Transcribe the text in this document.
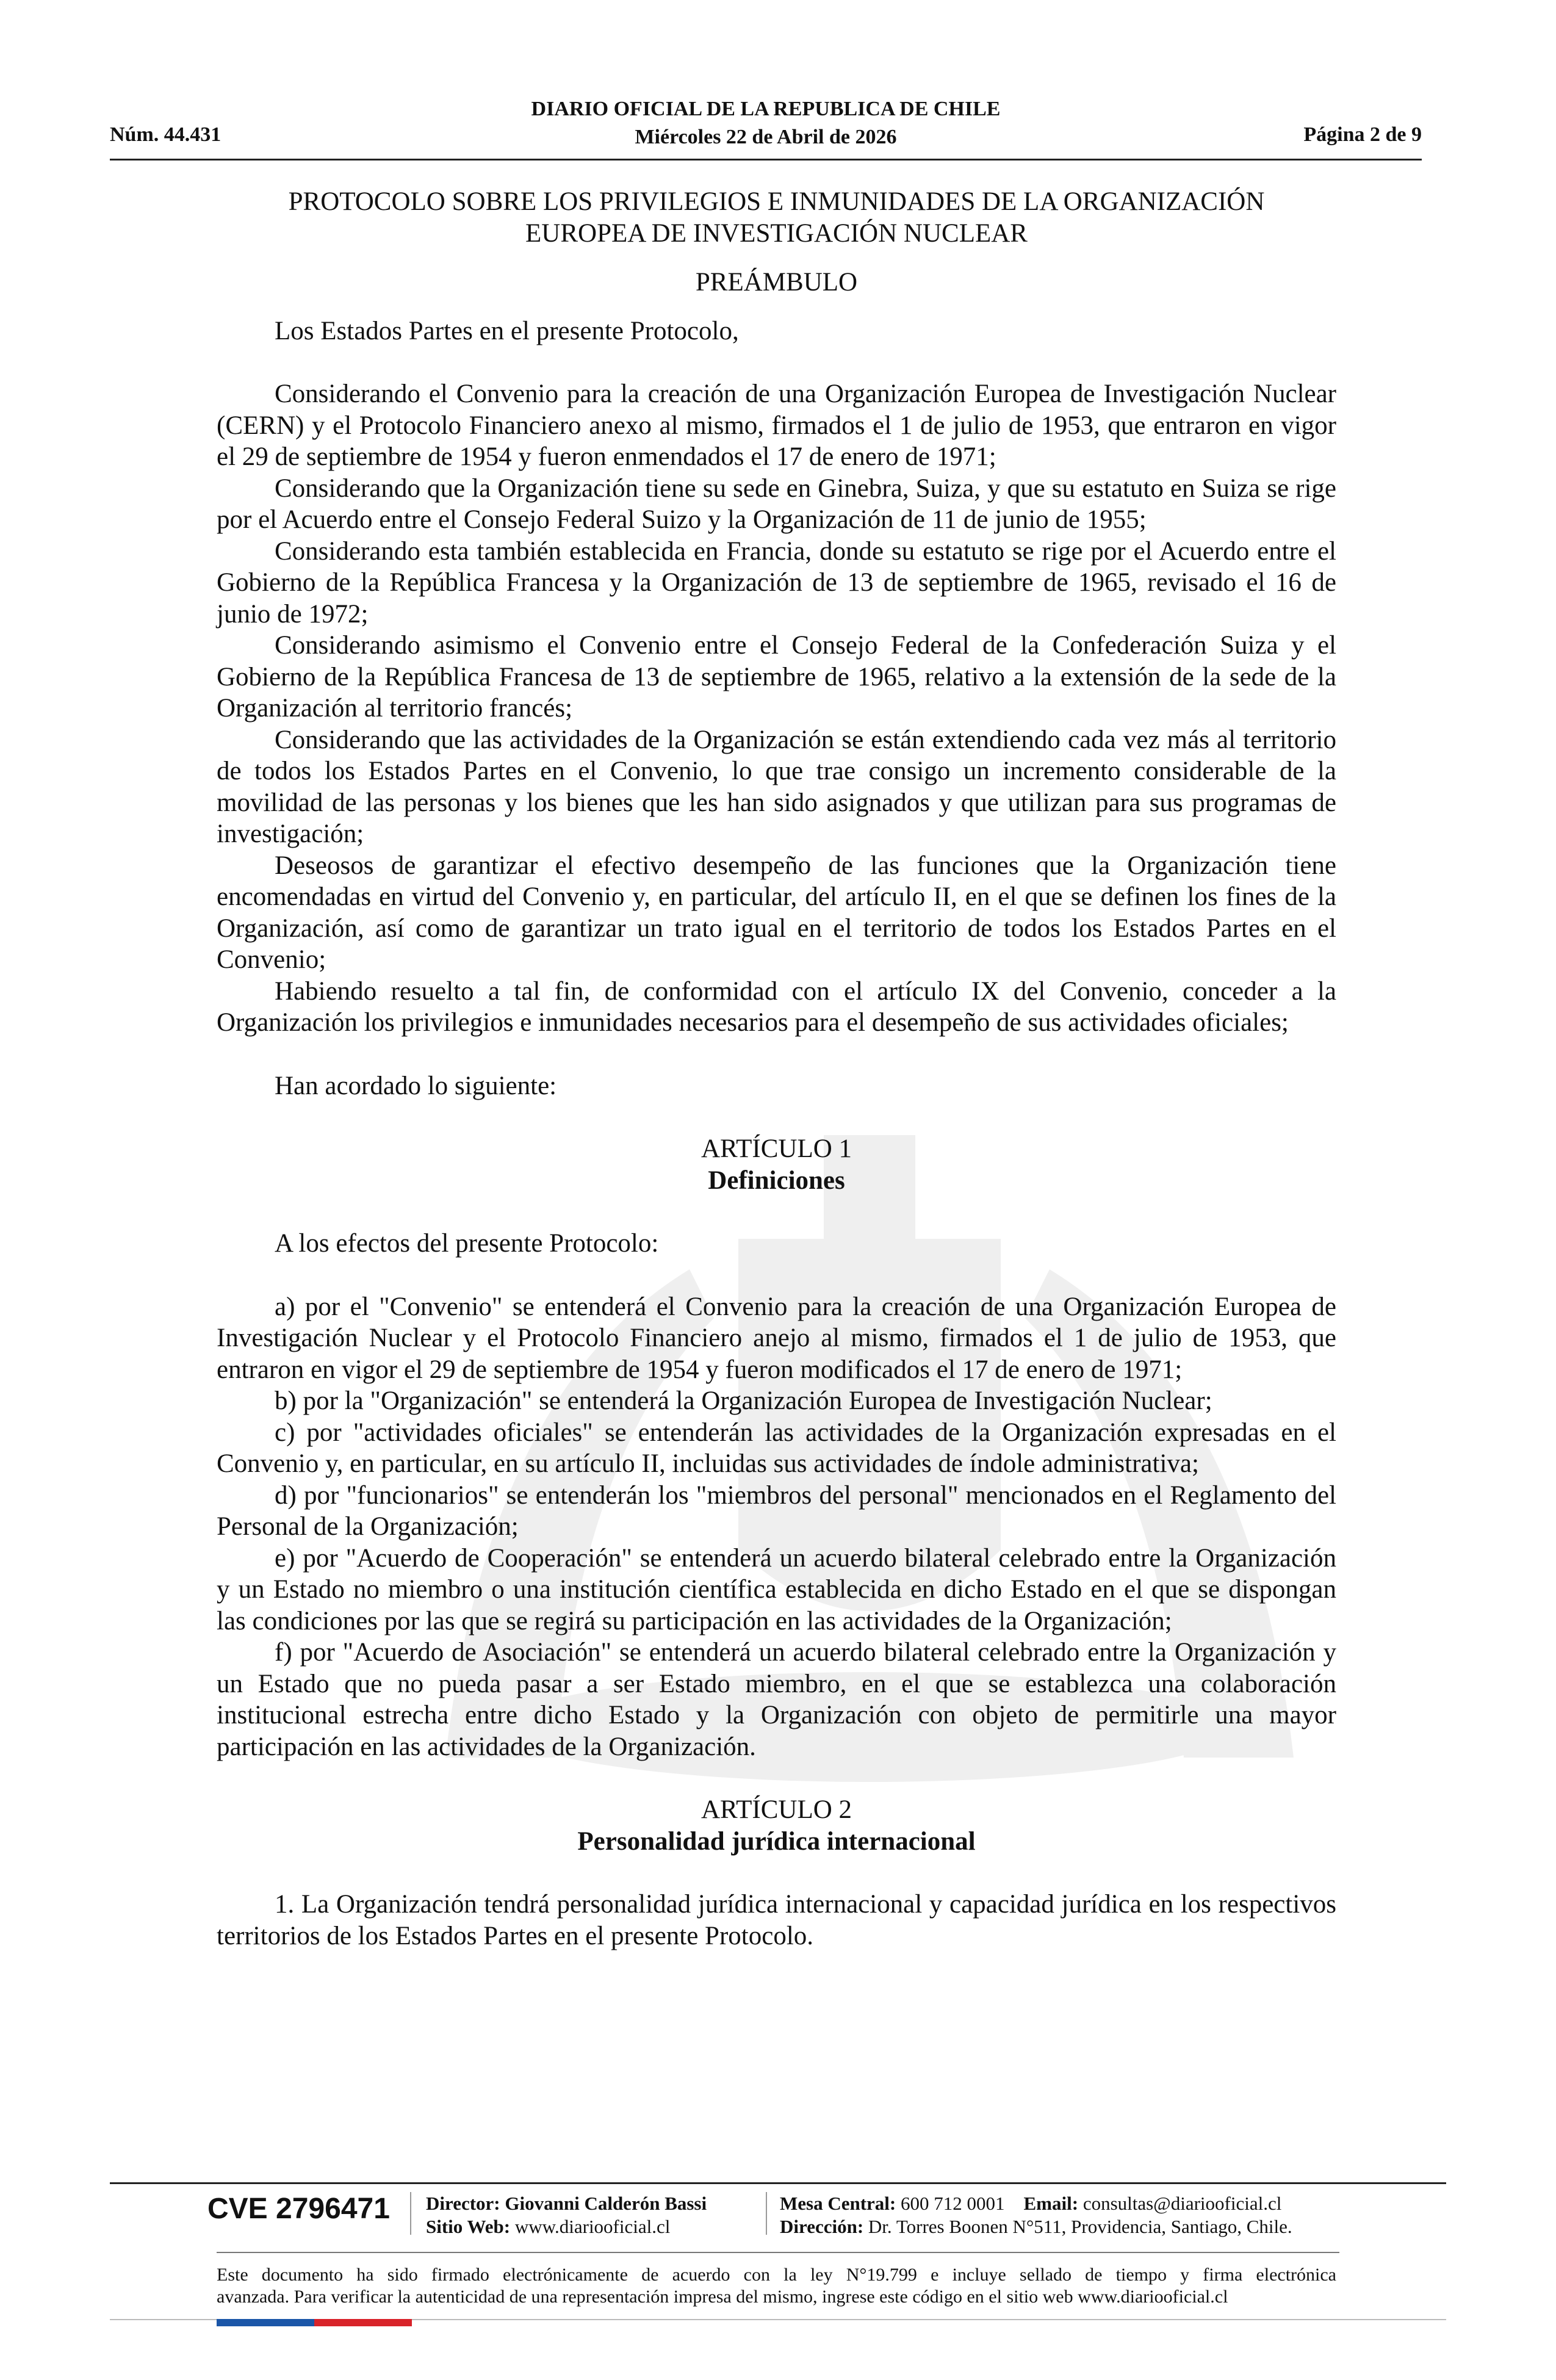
Núm. 44.431
DIARIO OFICIAL DE LA REPUBLICA DE CHILE
Miércoles 22 de Abril de 2026	Página 2 de 9

PROTOCOLO SOBRE LOS PRIVILEGIOS E INMUNIDADES DE LA ORGANIZACIÓN

EUROPEA DE INVESTIGACIÓN NUCLEAR

PREÁMBULO

Los Estados Partes en el presente Protocolo,

Considerando el Convenio para la creación de una Organización Europea de Investigación Nuclear (CERN) y el Protocolo Financiero anexo al mismo, firmados el 1 de julio de 1953, que entraron en vigor el 29 de septiembre de 1954 y fueron enmendados el 17 de enero de 1971;

Considerando que la Organización tiene su sede en Ginebra, Suiza, y que su estatuto en Suiza se rige por el Acuerdo entre el Consejo Federal Suizo y la Organización de 11 de junio de 1955;

Considerando esta también establecida en Francia, donde su estatuto se rige por el Acuerdo entre el Gobierno de la República Francesa y la Organización de 13 de septiembre de 1965, revisado el 16 de junio de 1972;

Considerando asimismo el Convenio entre el Consejo Federal de la Confederación Suiza y el Gobierno de la República Francesa de 13 de septiembre de 1965, relativo a la extensión de la sede de la Organización al territorio francés;

Considerando que las actividades de la Organización se están extendiendo cada vez más al territorio de todos los Estados Partes en el Convenio, lo que trae consigo un incremento considerable de la movilidad de las personas y los bienes que les han sido asignados y que utilizan para sus programas de investigación;

Deseosos de garantizar el efectivo desempeño de las funciones que la Organización tiene encomendadas en virtud del Convenio y, en particular, del artículo II, en el que se definen los fines de la Organización, así como de garantizar un trato igual en el territorio de todos los Estados Partes en el Convenio;

Habiendo resuelto a tal fin, de conformidad con el artículo IX del Convenio, conceder a la Organización los privilegios e inmunidades necesarios para el desempeño de sus actividades oficiales;

Han acordado lo siguiente:

ARTÍCULO 1

Definiciones

A los efectos del presente Protocolo:

a) por el "Convenio" se entenderá el Convenio para la creación de una Organización Europea de Investigación Nuclear y el Protocolo Financiero anejo al mismo, firmados el 1 de julio de 1953, que entraron en vigor el 29 de septiembre de 1954 y fueron modificados el 17 de enero de 1971;

b) por la "Organización" se entenderá la Organización Europea de Investigación Nuclear;

c) por "actividades oficiales" se entenderán las actividades de la Organización expresadas en el Convenio y, en particular, en su artículo II, incluidas sus actividades de índole administrativa;

d) por "funcionarios" se entenderán los "miembros del personal" mencionados en el Reglamento del Personal de la Organización;

e) por "Acuerdo de Cooperación" se entenderá un acuerdo bilateral celebrado entre la Organización y un Estado no miembro o una institución científica establecida en dicho Estado en el que se dispongan las condiciones por las que se regirá su participación en las actividades de la Organización;

f) por "Acuerdo de Asociación" se entenderá un acuerdo bilateral celebrado entre la Organización y un Estado que no pueda pasar a ser Estado miembro, en el que se establezca una colaboración institucional estrecha entre dicho Estado y la Organización con objeto de permitirle una mayor participación en las actividades de la Organización.

ARTÍCULO 2

Personalidad jurídica internacional

1. La Organización tendrá personalidad jurídica internacional y capacidad jurídica en los respectivos territorios de los Estados Partes en el presente Protocolo.

CVE 2796471 Director: Giovanni Calderón Bassi
Sitio Web: www.diariooficial.cl
Mesa Central: 600 712 0001 Email: consultas@diariooficial.cl
Dirección: Dr. Torres Boonen N°511, Providencia, Santiago, Chile.
Este documento ha sido firmado electrónicamente de acuerdo con la ley N°19.799 e incluye sellado de tiempo y firma electrónica
avanzada. Para verificar la autenticidad de una representación impresa del mismo, ingrese este código en el sitio web www.diariooficial.cl
